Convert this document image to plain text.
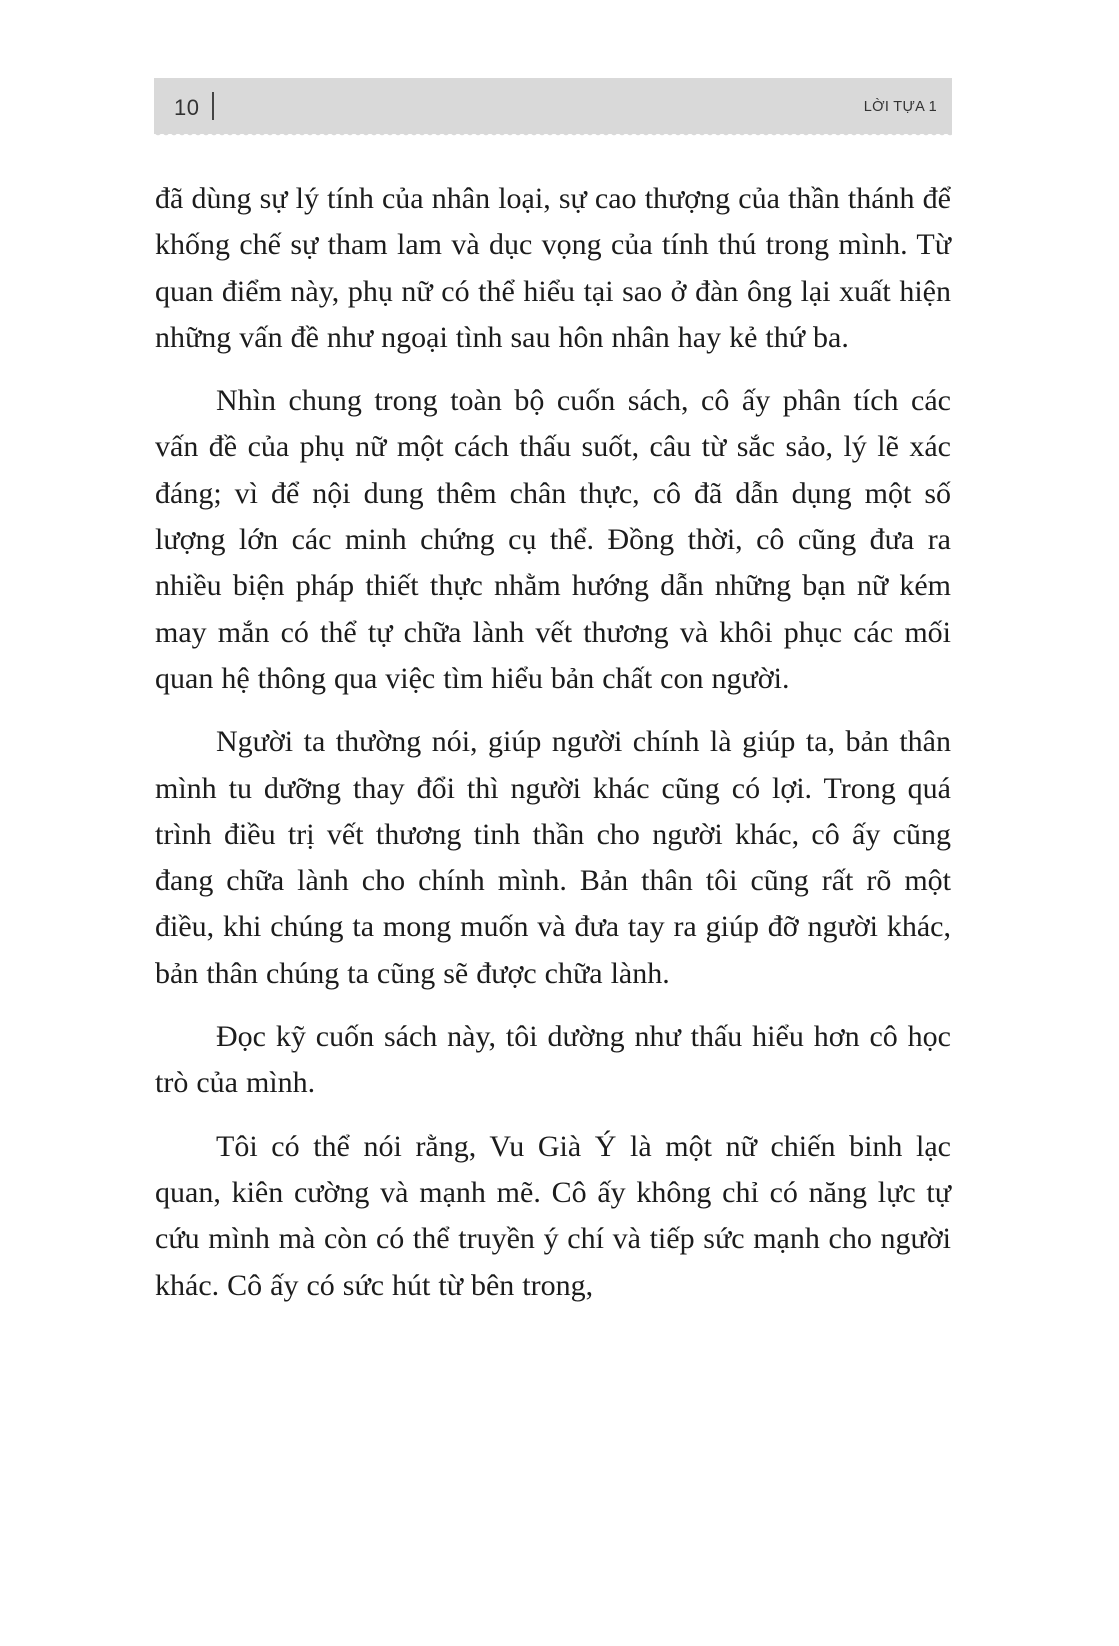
10	LỜI TỰA 1

đã dùng sự lý tính của nhân loại, sự cao thượng của thần thánh để khống chế sự tham lam và dục vọng của tính thú trong mình. Từ quan điểm này, phụ nữ có thể hiểu tại sao ở đàn ông lại xuất hiện những vấn đề như ngoại tình sau hôn nhân hay kẻ thứ ba.

Nhìn chung trong toàn bộ cuốn sách, cô ấy phân tích các vấn đề của phụ nữ một cách thấu suốt, câu từ sắc sảo, lý lẽ xác đáng; vì để nội dung thêm chân thực, cô đã dẫn dụng một số lượng lớn các minh chứng cụ thể. Đồng thời, cô cũng đưa ra nhiều biện pháp thiết thực nhằm hướng dẫn những bạn nữ kém may mắn có thể tự chữa lành vết thương và khôi phục các mối quan hệ thông qua việc tìm hiểu bản chất con người.

Người ta thường nói, giúp người chính là giúp ta, bản thân mình tu dưỡng thay đổi thì người khác cũng có lợi. Trong quá trình điều trị vết thương tinh thần cho người khác, cô ấy cũng đang chữa lành cho chính mình. Bản thân tôi cũng rất rõ một điều, khi chúng ta mong muốn và đưa tay ra giúp đỡ người khác, bản thân chúng ta cũng sẽ được chữa lành.

Đọc kỹ cuốn sách này, tôi dường như thấu hiểu hơn cô học trò của mình.

Tôi có thể nói rằng, Vu Già Ý là một nữ chiến binh lạc quan, kiên cường và mạnh mẽ. Cô ấy không chỉ có năng lực tự cứu mình mà còn có thể truyền ý chí và tiếp sức mạnh cho người khác. Cô ấy có sức hút từ bên trong,
